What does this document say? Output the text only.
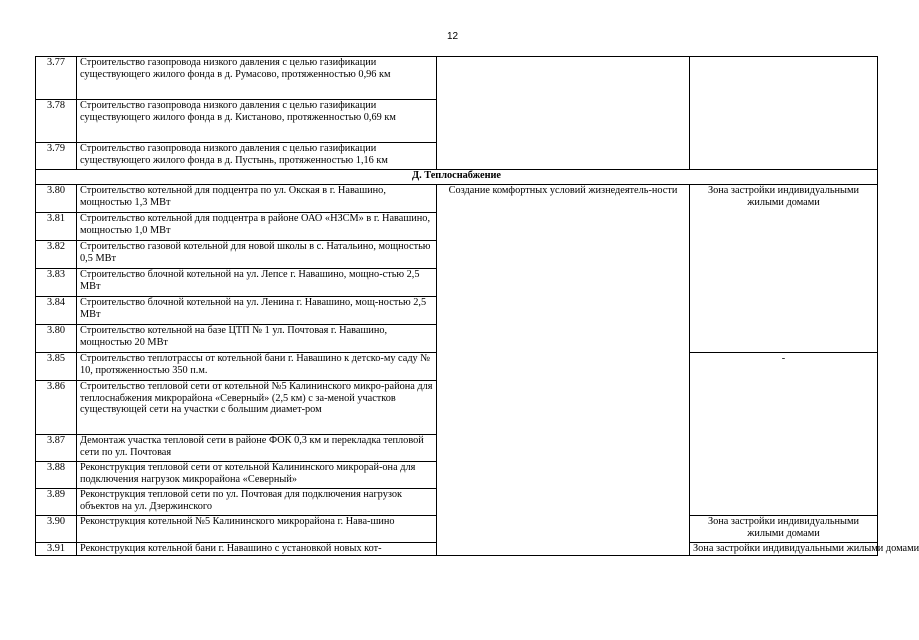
12
3.77	Строительство газопровода низкого давления с целью газификации существующего жилого фонда в д. Румасово, протяженностью 0,96 км		
3.78	Строительство газопровода низкого давления с целью газификации существующего жилого фонда в д. Кистаново, протяженностью 0,69 км		
3.79	Строительство газопровода низкого давления с целью газификации существующего жилого фонда в д. Пустынь, протяженностью 1,16 км		
Д. Теплоснабжение			
3.80	Строительство котельной для подцентра по ул. Окская в г. Навашино, мощностью 1,3 МВт	Создание комфортных условий жизнедеятель-ности	Зона застройки индивидуальными жилыми домами
3.81	Строительство котельной для подцентра в районе ОАО «НЗСМ» в г. Навашино, мощностью 1,0 МВт		
3.82	Строительство газовой котельной для новой школы в с. Натальино, мощностью 0,5 МВт		
3.83	Строительство блочной котельной на ул. Лепсе г. Навашино, мощно-стью 2,5 МВт		
3.84	Строительство блочной котельной на ул. Ленина г. Навашино, мощ-ностью 2,5 МВт		
3.80	Строительство котельной на базе ЦТП № 1 ул. Почтовая г. Навашино, мощностью 20 МВт		
3.85	Строительство теплотрассы от котельной бани г. Навашино к детско-му саду № 10, протяженностью 350 п.м.		-
3.86	Строительство тепловой сети от котельной №5 Калининского микро-района для теплоснабжения микрорайона «Северный» (2,5 км) с за-меной участков существующей сети на участки с большим диамет-ром		
3.87	Демонтаж участка тепловой сети в районе ФОК 0,3 км и перекладка тепловой сети по ул. Почтовая		
3.88	Реконструкция тепловой сети от котельной Калининского микрорай-она для подключения нагрузок микрорайона «Северный»		
3.89	Реконструкция тепловой сети по ул. Почтовая для подключения нагрузок объектов на ул. Дзержинского		
3.90	Реконструкция котельной №5 Калининского микрорайона г. Нава-шино		Зона застройки индивидуальными жилыми домами
3.91	Реконструкция котельной бани г. Навашино с установкой новых кот-		Зона застройки индивидуальными жилыми домами
